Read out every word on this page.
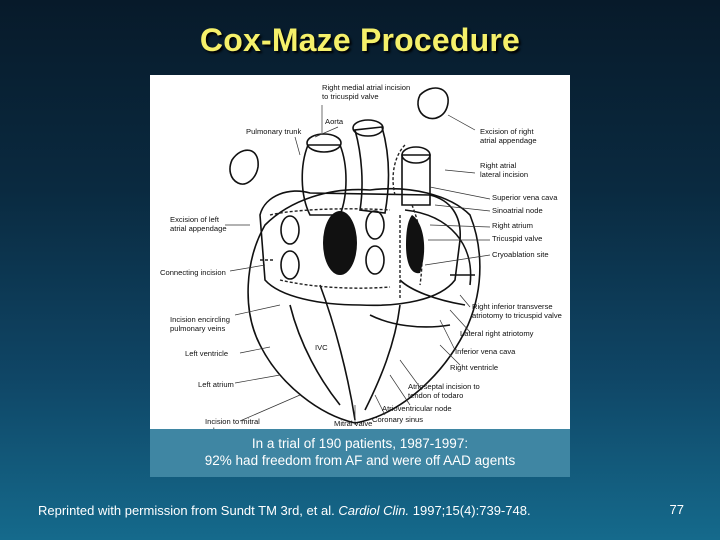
Cox-Maze Procedure
Right medial atrial incision
to tricuspid valve
Aorta
Pulmonary trunk	Excision of right
atrial appendage
Right atrial
lateral incision
Superior vena cava
Sinoatrial node
Right atrium
Tricuspid valve
Cryoablation site
Excision of left
atrial appendage
Connecting incision
Incision encircling
pulmonary veins
Left ventricle
Left atrium
Incision to mitral	Mitral valve Coronary sinus
Atrioventricular node
Atrioseptal incision to
tendon of todaro
Right ventricle
Inferior vena cava
Lateral right atriotomy
Right inferior transverse
atriotomy to tricuspid valve
IVC
In a trial of 190 patients, 1987-1997:
92% had freedom from AF and were off AAD agents
Reprinted with permission from Sundt TM 3rd, et al. Cardiol Clin. 1997;15(4):739-748.	77
